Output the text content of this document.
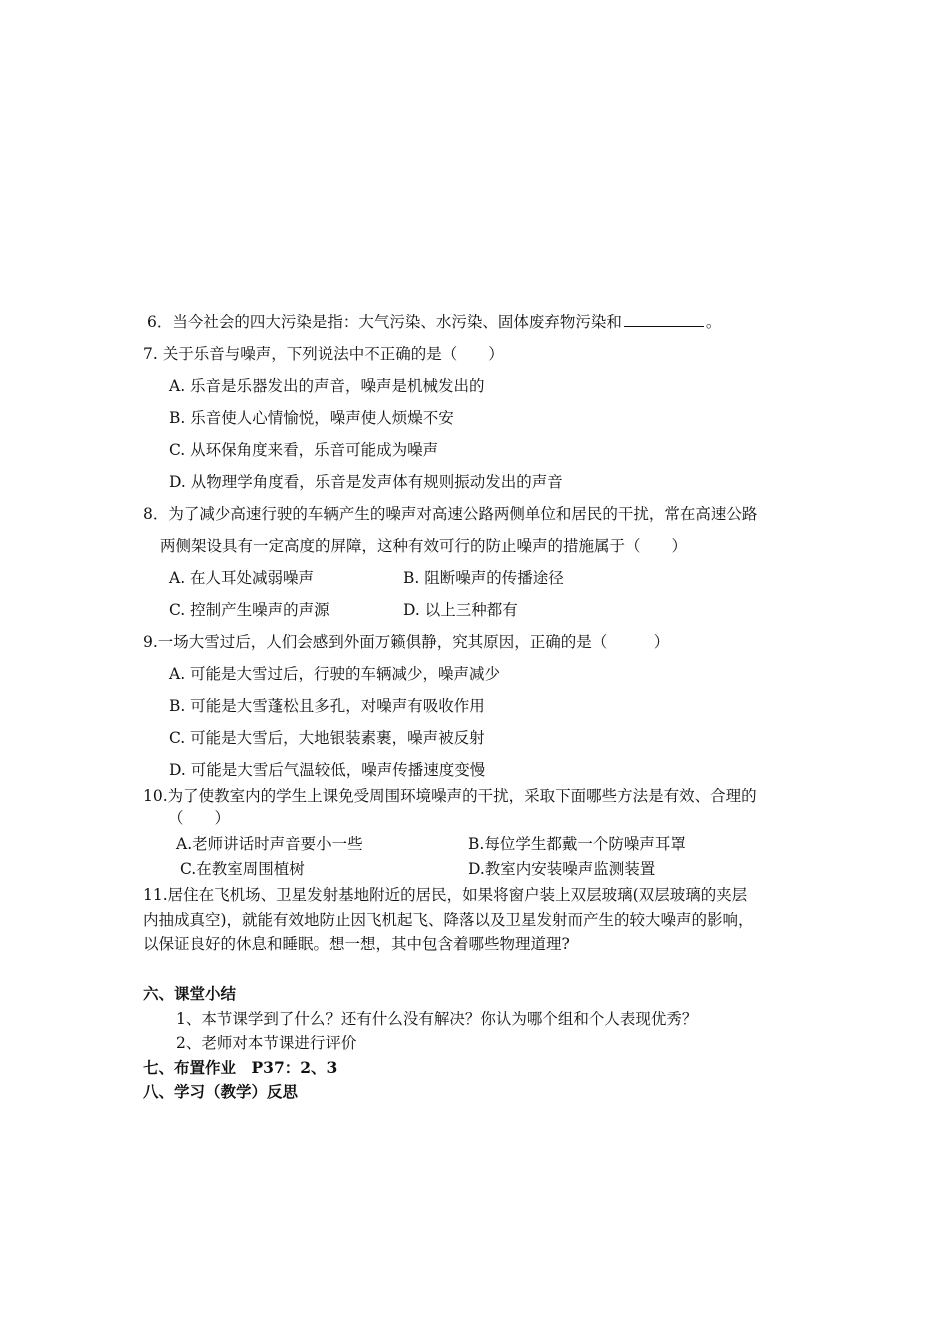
6．当今社会的四大污染是指：大气污染、水污染、固体废弃物污染和	。
7. 关于乐音与噪声，下列说法中不正确的是（　　）
A. 乐音是乐器发出的声音，噪声是机械发出的
B. 乐音使人心情愉悦，噪声使人烦燥不安
C. 从环保角度来看，乐音可能成为噪声
D. 从物理学角度看，乐音是发声体有规则振动发出的声音
8．为了减少高速行驶的车辆产生的噪声对高速公路两侧单位和居民的干扰，常在高速公路
两侧架设具有一定高度的屏障，这种有效可行的防止噪声的措施属于（　　）
A. 在人耳处减弱噪声	B. 阻断噪声的传播途径
C. 控制产生噪声的声源	D. 以上三种都有
9.一场大雪过后，人们会感到外面万籁俱静，究其原因，正确的是（　　　）
A. 可能是大雪过后，行驶的车辆减少，噪声减少
B. 可能是大雪蓬松且多孔，对噪声有吸收作用
C. 可能是大雪后，大地银装素裹，噪声被反射
D. 可能是大雪后气温较低，噪声传播速度变慢
10.为了使教室内的学生上课免受周围环境噪声的干扰，采取下面哪些方法是有效、合理的
（　　）
A.老师讲话时声音要小一些	B.每位学生都戴一个防噪声耳罩
C.在教室周围植树	D.教室内安装噪声监测装置
11.居住在飞机场、卫星发射基地附近的居民，如果将窗户装上双层玻璃(双层玻璃的夹层
内抽成真空)，就能有效地防止因飞机起飞、降落以及卫星发射而产生的较大噪声的影响，
以保证良好的休息和睡眠。想一想，其中包含着哪些物理道理?
六、课堂小结
1、本节课学到了什么？还有什么没有解决？你认为哪个组和个人表现优秀？
2、老师对本节课进行评价
七、布置作业　P37：2、3
八、学习（教学）反思
